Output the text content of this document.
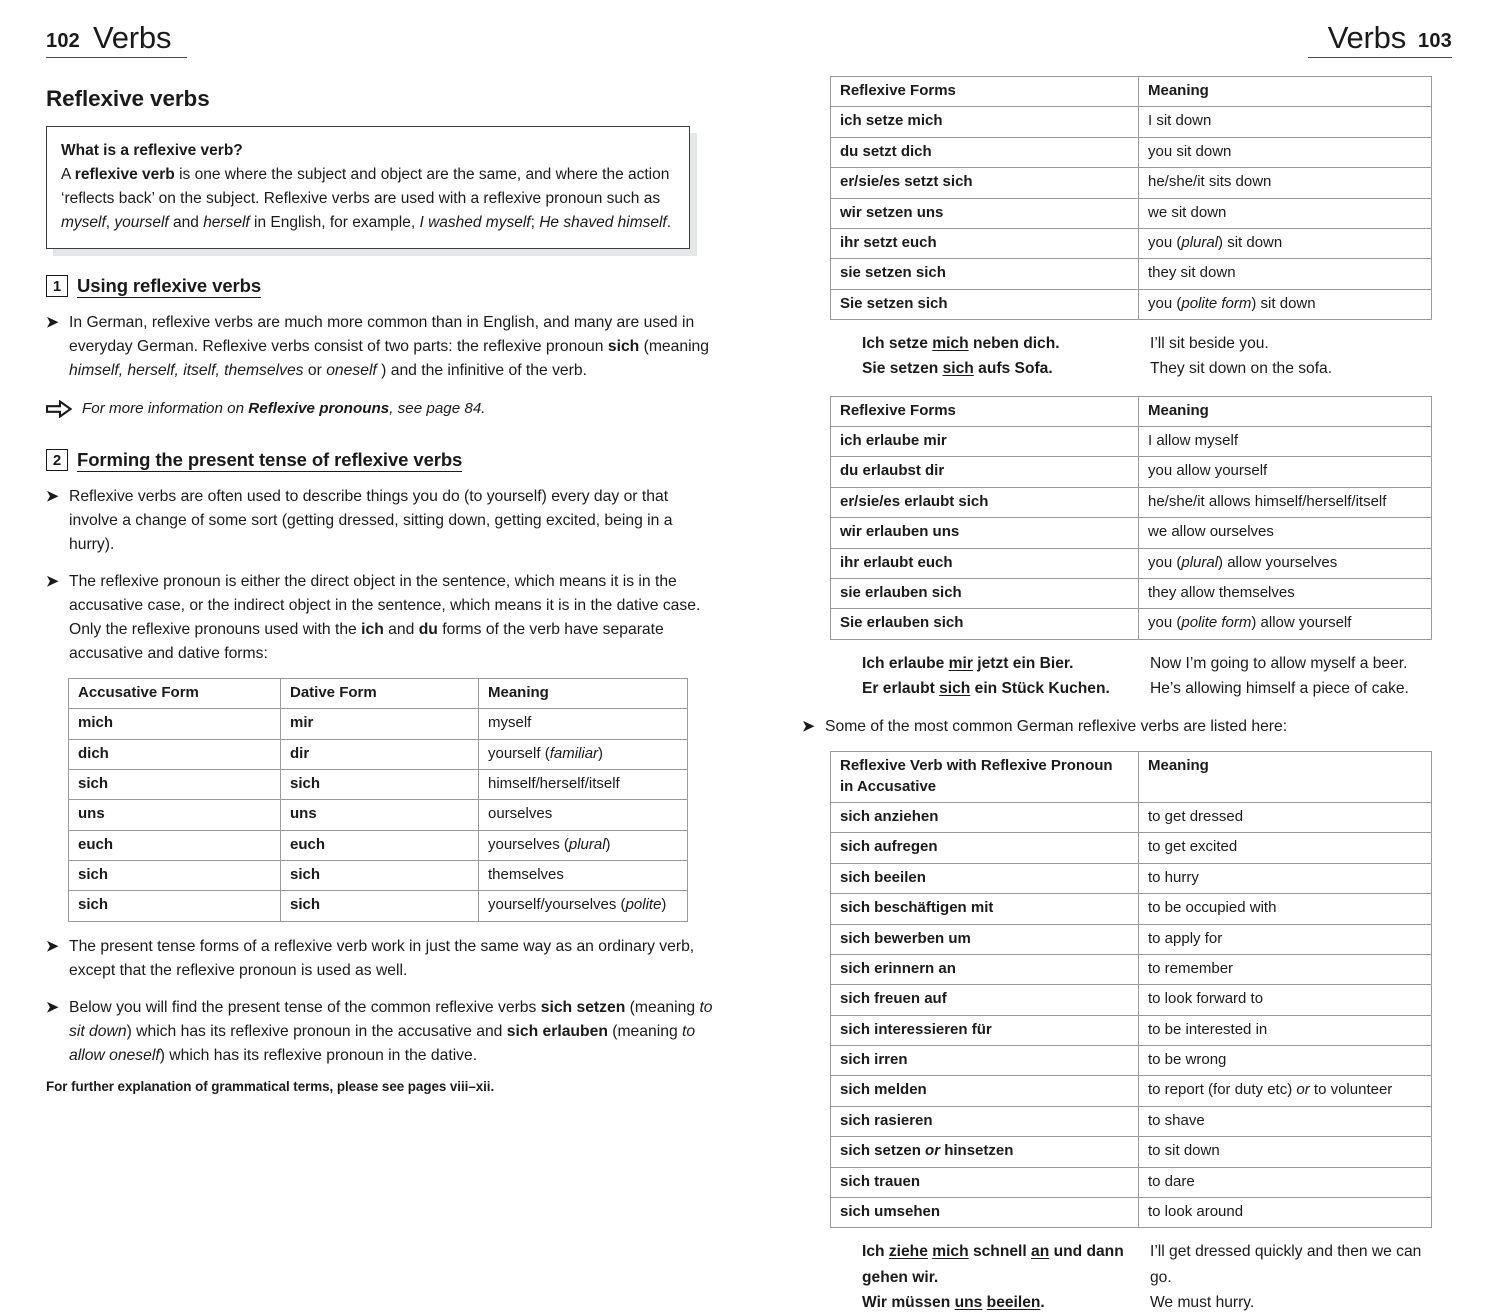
102 Verbs
Reflexive verbs
What is a reflexive verb?

A reflexive verb is one where the subject and object are the same, and where the action ‘reflects back’ on the subject. Reflexive verbs are used with a reflexive pronoun such as myself, yourself and herself in English, for example, I washed myself; He shaved himself.

1 Using reflexive verbs
➤ In German, reflexive verbs are much more common than in English, and many are used in everyday German. Reflexive verbs consist of two parts: the reflexive pronoun sich (meaning himself, herself, itself, themselves or oneself ) and the infinitive of the verb.
For more information on Reflexive pronouns, see page 84.
2 Forming the present tense of reflexive verbs
➤ Reflexive verbs are often used to describe things you do (to yourself) every day or that involve a change of some sort (getting dressed, sitting down, getting excited, being in a hurry).
➤ The reflexive pronoun is either the direct object in the sentence, which means it is in the accusative case, or the indirect object in the sentence, which means it is in the dative case. Only the reflexive pronouns used with the ich and du forms of the verb have separate accusative and dative forms:
Accusative Form	Dative Form	Meaning
mich	mir	myself
dich	dir	yourself (familiar)
sich	sich	himself/herself/itself
uns	uns	ourselves
euch	euch	yourselves (plural)
sich	sich	themselves
sich	sich	yourself/yourselves (polite)
➤ The present tense forms of a reflexive verb work in just the same way as an ordinary verb, except that the reflexive pronoun is used as well.
➤ Below you will find the present tense of the common reflexive verbs sich setzen (meaning to sit down) which has its reflexive pronoun in the accusative and sich erlauben (meaning to allow oneself) which has its reflexive pronoun in the dative.
For further explanation of grammatical terms, please see pages viii–xii.
Verbs 103
Reflexive Forms	Meaning
ich setze mich	I sit down
du setzt dich	you sit down
er/sie/es setzt sich	he/she/it sits down
wir setzen uns	we sit down
ihr setzt euch	you (plural) sit down
sie setzen sich	they sit down
Sie setzen sich	you (polite form) sit down
Ich setze mich neben dich.	I’ll sit beside you.
Sie setzen sich aufs Sofa.	They sit down on the sofa.
Reflexive Forms	Meaning
ich erlaube mir	I allow myself
du erlaubst dir	you allow yourself
er/sie/es erlaubt sich	he/she/it allows himself/herself/itself
wir erlauben uns	we allow ourselves
ihr erlaubt euch	you (plural) allow yourselves
sie erlauben sich	they allow themselves
Sie erlauben sich	you (polite form) allow yourself
Ich erlaube mir jetzt ein Bier.	Now I’m going to allow myself a beer.
Er erlaubt sich ein Stück Kuchen.	He’s allowing himself a piece of cake.
➤ Some of the most common German reflexive verbs are listed here:
Reflexive Verb with Reflexive Pronoun in Accusative	Meaning
sich anziehen	to get dressed
sich aufregen	to get excited
sich beeilen	to hurry
sich beschäftigen mit	to be occupied with
sich bewerben um	to apply for
sich erinnern an	to remember
sich freuen auf	to look forward to
sich interessieren für	to be interested in
sich irren	to be wrong
sich melden	to report (for duty etc) or to volunteer
sich rasieren	to shave
sich setzen or hinsetzen	to sit down
sich trauen	to dare
sich umsehen	to look around
Ich ziehe mich schnell an und dann gehen wir.	I’ll get dressed quickly and then we can go.
Wir müssen uns beeilen.	We must hurry.
